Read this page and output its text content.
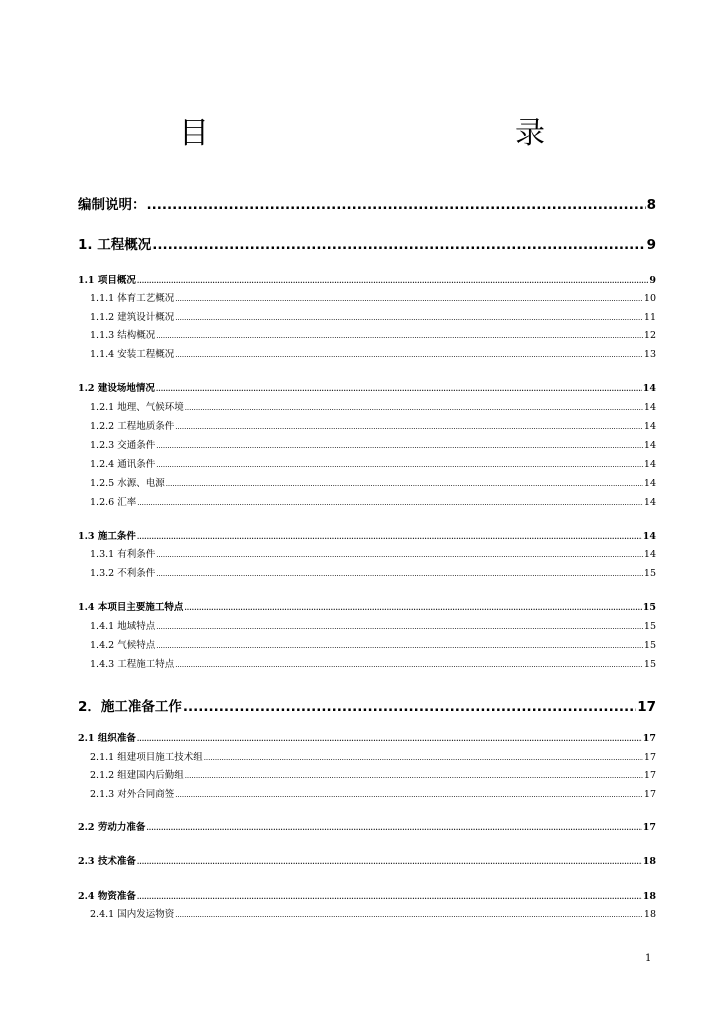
目　　录
编制说明： .....	8
1. 工程概况 .....	9
1.1 项目概况 .....	9
1.1.1 体育工艺概况 .....	10
1.1.2 建筑设计概况 .....	11
1.1.3 结构概况 .....	12
1.1.4 安装工程概况 .....	13
1.2 建设场地情况 .....	14
1.2.1 地理、气候环境 .....	14
1.2.2 工程地质条件 .....	14
1.2.3 交通条件 .....	14
1.2.4 通讯条件 .....	14
1.2.5 水源、电源 .....	14
1.2.6 汇率 .....	14
1.3 施工条件 .....	14
1.3.1 有利条件 .....	14
1.3.2 不利条件 .....	15
1.4 本项目主要施工特点 .....	15
1.4.1 地域特点 .....	15
1.4.2 气候特点 .....	15
1.4.3 工程施工特点 .....	15
2．施工准备工作 .....	17
2.1 组织准备 .....	17
2.1.1 组建项目施工技术组 .....	17
2.1.2 组建国内后勤组 .....	17
2.1.3 对外合同商签 .....	17
2.2 劳动力准备 .....	17
2.3 技术准备 .....	18
2.4 物资准备 .....	18
2.4.1 国内发运物资 .....	18
1
